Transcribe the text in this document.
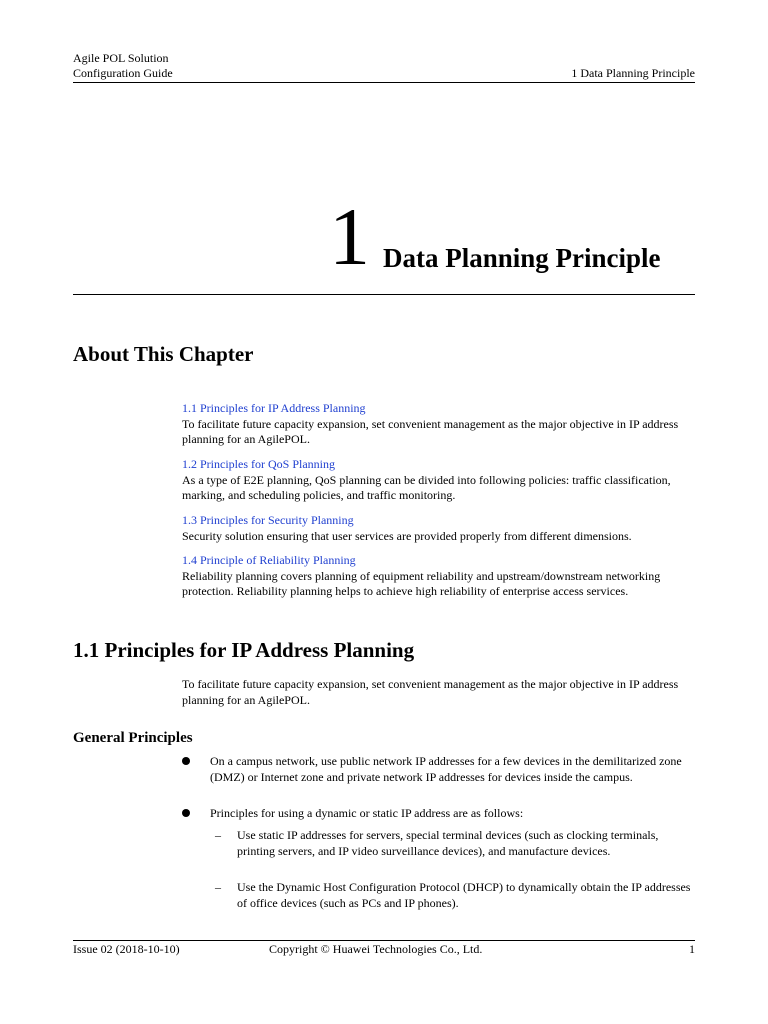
Agile POL Solution
Configuration Guide	1 Data Planning Principle
1 Data Planning Principle
About This Chapter
1.1 Principles for IP Address Planning
To facilitate future capacity expansion, set convenient management as the major objective in IP address planning for an AgilePOL.
1.2 Principles for QoS Planning
As a type of E2E planning, QoS planning can be divided into following policies: traffic classification, marking, and scheduling policies, and traffic monitoring.
1.3 Principles for Security Planning
Security solution ensuring that user services are provided properly from different dimensions.
1.4 Principle of Reliability Planning
Reliability planning covers planning of equipment reliability and upstream/downstream networking protection. Reliability planning helps to achieve high reliability of enterprise access services.
1.1 Principles for IP Address Planning
To facilitate future capacity expansion, set convenient management as the major objective in IP address planning for an AgilePOL.
General Principles
On a campus network, use public network IP addresses for a few devices in the demilitarized zone (DMZ) or Internet zone and private network IP addresses for devices inside the campus.
Principles for using a dynamic or static IP address are as follows:
– Use static IP addresses for servers, special terminal devices (such as clocking terminals, printing servers, and IP video surveillance devices), and manufacture devices.
– Use the Dynamic Host Configuration Protocol (DHCP) to dynamically obtain the IP addresses of office devices (such as PCs and IP phones).
Issue 02 (2018-10-10)	Copyright © Huawei Technologies Co., Ltd.	1
